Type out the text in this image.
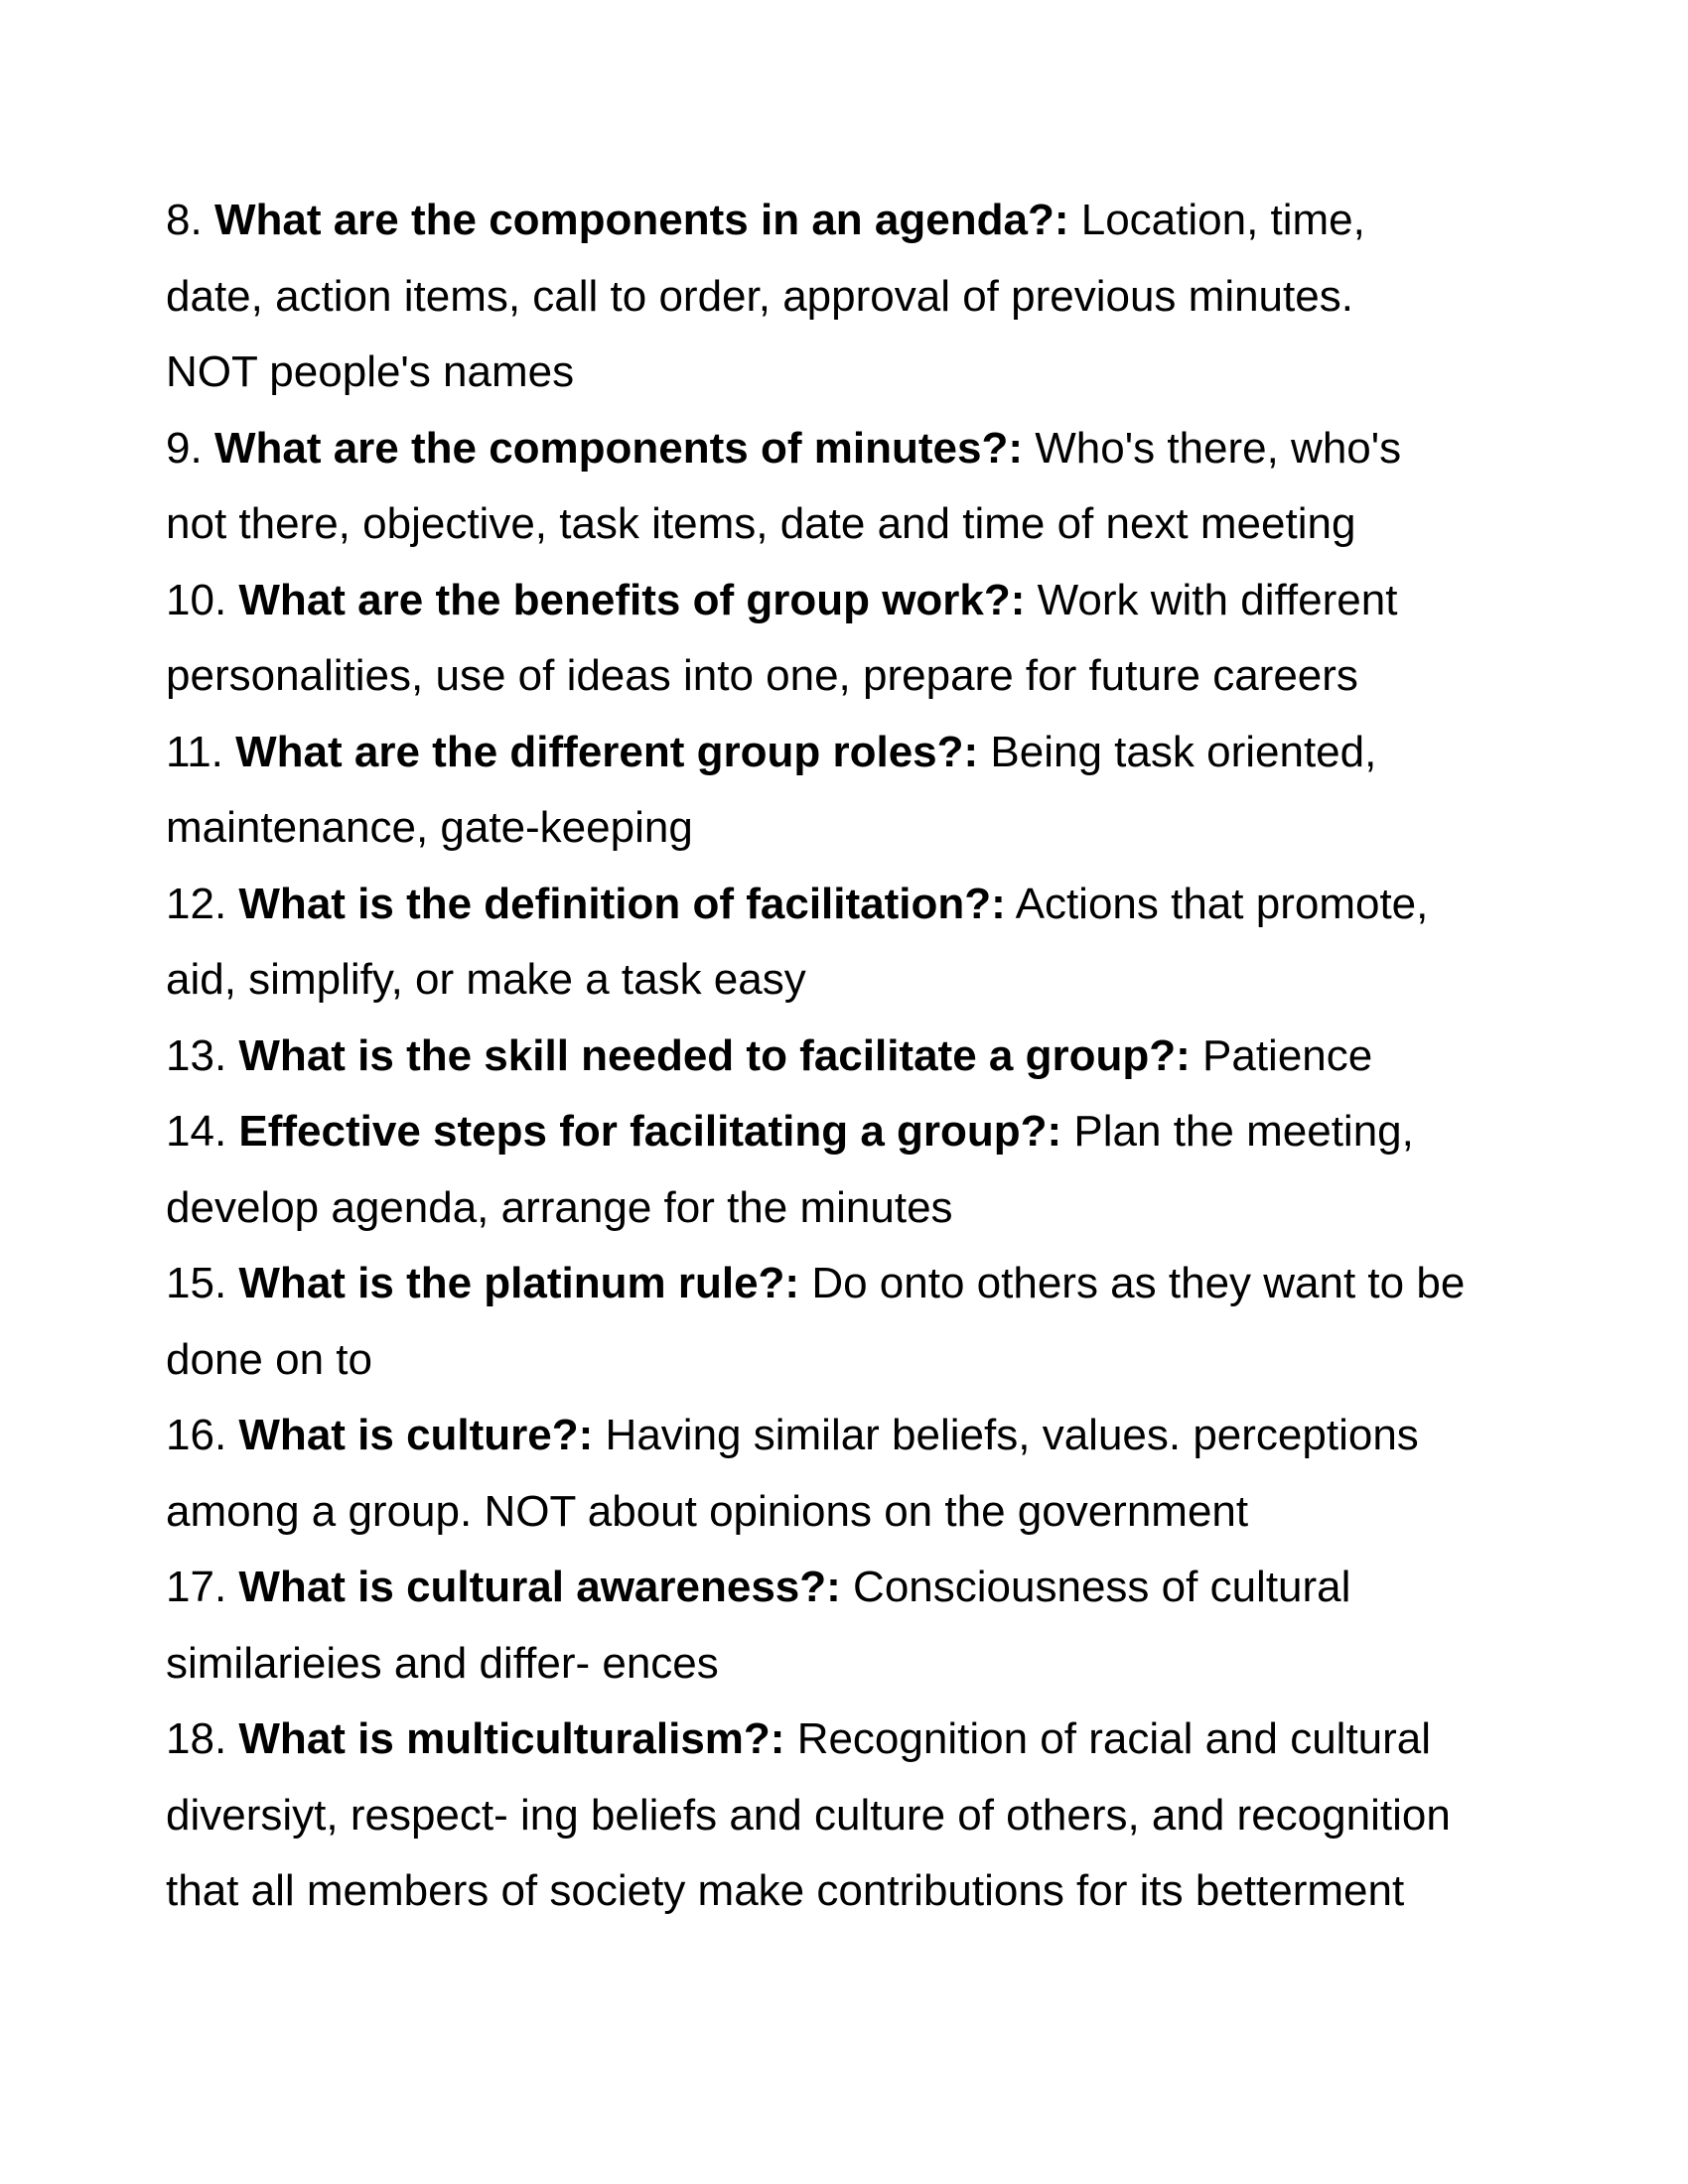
8. What are the components in an agenda?: Location, time,
date, action items, call to order, approval of previous minutes.
NOT people's names
9. What are the components of minutes?: Who's there, who's
not there, objective, task items, date and time of next meeting
10. What are the benefits of group work?: Work with different
personalities, use of ideas into one, prepare for future careers
11. What are the different group roles?: Being task oriented,
maintenance, gate-keeping
12. What is the definition of facilitation?: Actions that promote,
aid, simplify, or make a task easy
13. What is the skill needed to facilitate a group?: Patience
14. Effective steps for facilitating a group?: Plan the meeting,
develop agenda, arrange for the minutes
15. What is the platinum rule?: Do onto others as they want to be
done on to
16. What is culture?: Having similar beliefs, values. perceptions
among a group. NOT about opinions on the government
17. What is cultural awareness?: Consciousness of cultural
similarieies and differ- ences
18. What is multiculturalism?: Recognition of racial and cultural
diversiyt, respect- ing beliefs and culture of others, and recognition
that all members of society make contributions for its betterment
